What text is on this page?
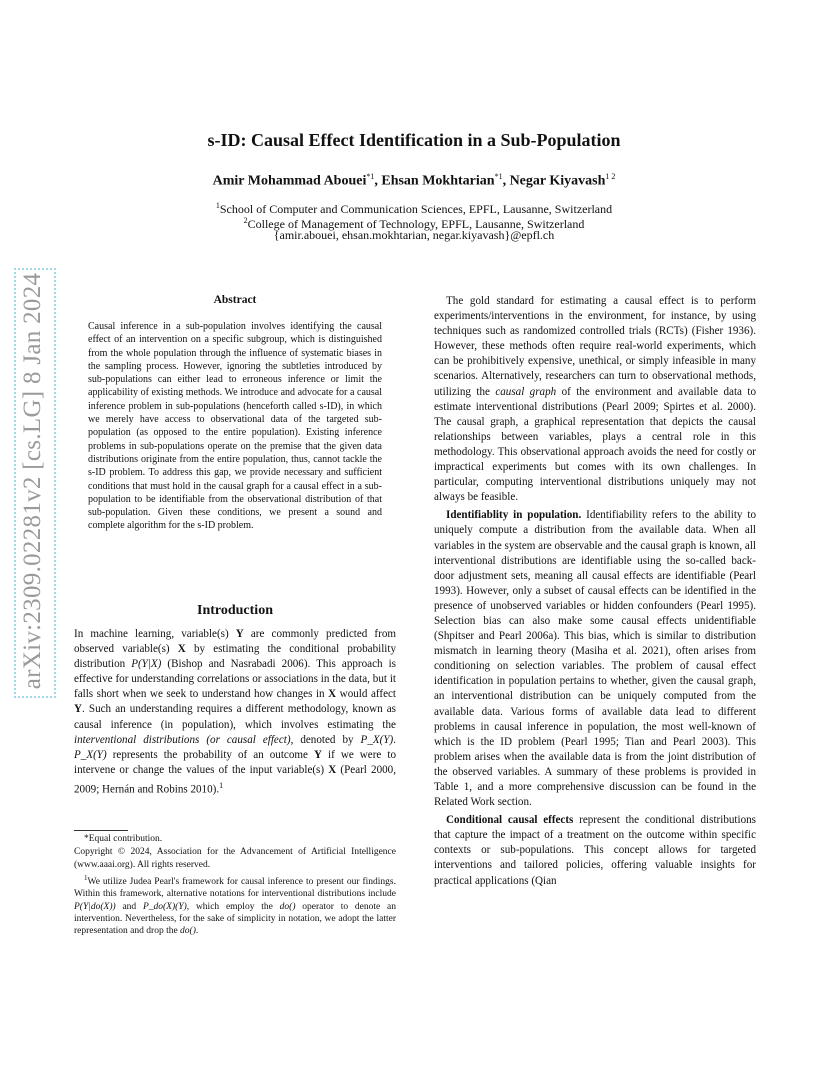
arXiv:2309.02281v2 [cs.LG] 8 Jan 2024
s-ID: Causal Effect Identification in a Sub-Population
Amir Mohammad Abouei$^{*1}$, Ehsan Mokhtarian$^{*1}$, Negar Kiyavash$^{1 2}$
$^1$School of Computer and Communication Sciences, EPFL, Lausanne, Switzerland
$^2$College of Management of Technology, EPFL, Lausanne, Switzerland
{amir.abouei, ehsan.mokhtarian, negar.kiyavash}@epfl.ch
Abstract
Causal inference in a sub-population involves identifying the causal effect of an intervention on a specific subgroup, which is distinguished from the whole population through the influence of systematic biases in the sampling process. However, ignoring the subtleties introduced by sub-populations can either lead to erroneous inference or limit the applicability of existing methods. We introduce and advocate for a causal inference problem in sub-populations (henceforth called s-ID), in which we merely have access to observational data of the targeted sub-population (as opposed to the entire population). Existing inference problems in sub-populations operate on the premise that the given data distributions originate from the entire population, thus, cannot tackle the s-ID problem. To address this gap, we provide necessary and sufficient conditions that must hold in the causal graph for a causal effect in a sub-population to be identifiable from the observational distribution of that sub-population. Given these conditions, we present a sound and complete algorithm for the s-ID problem.
Introduction

In machine learning, variable(s) Y are commonly predicted from observed variable(s) X by estimating the conditional probability distribution P(Y|X) (Bishop and Nasrabadi 2006). This approach is effective for understanding correlations or associations in the data, but it falls short when we seek to understand how changes in X would affect Y. Such an understanding requires a different methodology, known as causal inference (in population), which involves estimating the interventional distributions (or causal effect), denoted by P_X(Y). P_X(Y) represents the probability of an outcome Y if we were to intervene or change the values of the input variable(s) X (Pearl 2000, 2009; Hernán and Robins 2010).$^1$

*Equal contribution.

Copyright © 2024, Association for the Advancement of Artificial Intelligence (www.aaai.org). All rights reserved.

$^1$We utilize Judea Pearl's framework for causal inference to present our findings. Within this framework, alternative notations for interventional distributions include P(Y|do(X)) and P_do(X)(Y), which employ the do() operator to denote an intervention. Nevertheless, for the sake of simplicity in notation, we adopt the latter representation and drop the do().

The gold standard for estimating a causal effect is to perform experiments/interventions in the environment, for instance, by using techniques such as randomized controlled trials (RCTs) (Fisher 1936). However, these methods often require real-world experiments, which can be prohibitively expensive, unethical, or simply infeasible in many scenarios. Alternatively, researchers can turn to observational methods, utilizing the causal graph of the environment and available data to estimate interventional distributions (Pearl 2009; Spirtes et al. 2000). The causal graph, a graphical representation that depicts the causal relationships between variables, plays a central role in this methodology. This observational approach avoids the need for costly or impractical experiments but comes with its own challenges. In particular, computing interventional distributions uniquely may not always be feasible.

Identifiablity in population. Identifiability refers to the ability to uniquely compute a distribution from the available data. When all variables in the system are observable and the causal graph is known, all interventional distributions are identifiable using the so-called back-door adjustment sets, meaning all causal effects are identifiable (Pearl 1993). However, only a subset of causal effects can be identified in the presence of unobserved variables or hidden confounders (Pearl 1995). Selection bias can also make some causal effects unidentifiable (Shpitser and Pearl 2006a). This bias, which is similar to distribution mismatch in learning theory (Masiha et al. 2021), often arises from conditioning on selection variables. The problem of causal effect identification in population pertains to whether, given the causal graph, an interventional distribution can be uniquely computed from the available data. Various forms of available data lead to different problems in causal inference in population, the most well-known of which is the ID problem (Pearl 1995; Tian and Pearl 2003). This problem arises when the available data is from the joint distribution of the observed variables. A summary of these problems is provided in Table 1, and a more comprehensive discussion can be found in the Related Work section.

Conditional causal effects represent the conditional distributions that capture the impact of a treatment on the outcome within specific contexts or sub-populations. This concept allows for targeted interventions and tailored policies, offering valuable insights for practical applications (Qian
